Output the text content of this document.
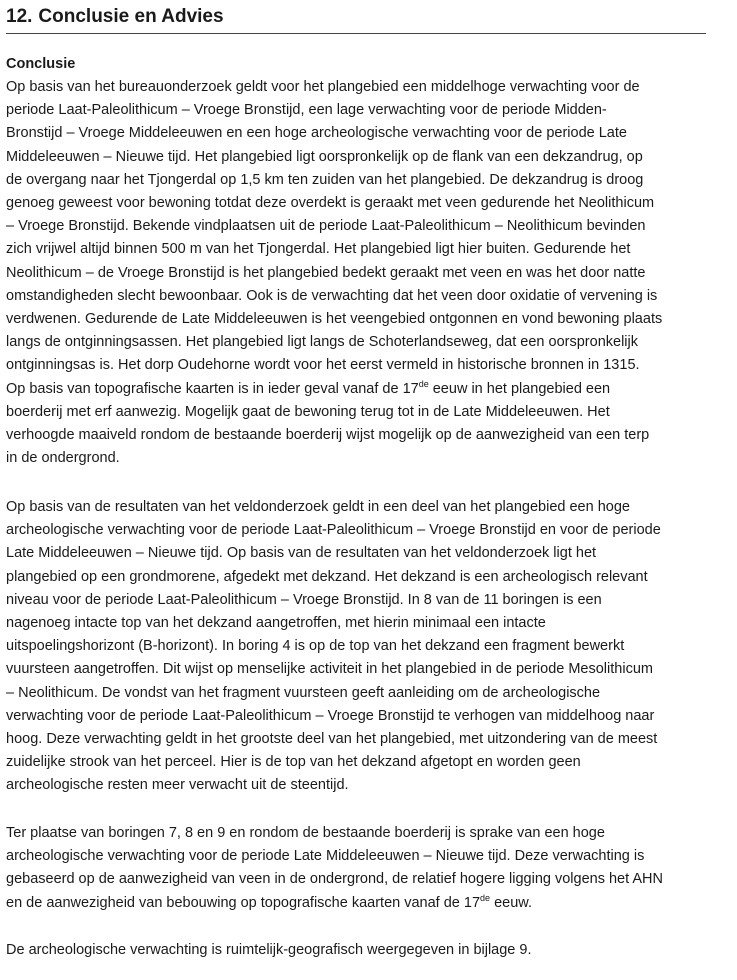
12. Conclusie en Advies
Conclusie
Op basis van het bureauonderzoek geldt voor het plangebied een middelhoge verwachting voor de
periode Laat-Paleolithicum – Vroege Bronstijd, een lage verwachting voor de periode Midden-
Bronstijd – Vroege Middeleeuwen en een hoge archeologische verwachting voor de periode Late
Middeleeuwen – Nieuwe tijd. Het plangebied ligt oorspronkelijk op de flank van een dekzandrug, op
de overgang naar het Tjongerdal op 1,5 km ten zuiden van het plangebied. De dekzandrug is droog
genoeg geweest voor bewoning totdat deze overdekt is geraakt met veen gedurende het Neolithicum
– Vroege Bronstijd. Bekende vindplaatsen uit de periode Laat-Paleolithicum – Neolithicum bevinden
zich vrijwel altijd binnen 500 m van het Tjongerdal. Het plangebied ligt hier buiten. Gedurende het
Neolithicum – de Vroege Bronstijd is het plangebied bedekt geraakt met veen en was het door natte
omstandigheden slecht bewoonbaar. Ook is de verwachting dat het veen door oxidatie of vervening is
verdwenen. Gedurende de Late Middeleeuwen is het veengebied ontgonnen en vond bewoning plaats
langs de ontginningsassen. Het plangebied ligt langs de Schoterlandseweg, dat een oorspronkelijk
ontginningsas is. Het dorp Oudehorne wordt voor het eerst vermeld in historische bronnen in 1315.
Op basis van topografische kaarten is in ieder geval vanaf de 17de eeuw in het plangebied een
boerderij met erf aanwezig. Mogelijk gaat de bewoning terug tot in de Late Middeleeuwen. Het
verhoogde maaiveld rondom de bestaande boerderij wijst mogelijk op de aanwezigheid van een terp
in de ondergrond.
Op basis van de resultaten van het veldonderzoek geldt in een deel van het plangebied een hoge
archeologische verwachting voor de periode Laat-Paleolithicum – Vroege Bronstijd en voor de periode
Late Middeleeuwen – Nieuwe tijd. Op basis van de resultaten van het veldonderzoek ligt het
plangebied op een grondmorene, afgedekt met dekzand. Het dekzand is een archeologisch relevant
niveau voor de periode Laat-Paleolithicum – Vroege Bronstijd. In 8 van de 11 boringen is een
nagenoeg intacte top van het dekzand aangetroffen, met hierin minimaal een intacte
uitspoelingshorizont (B-horizont). In boring 4 is op de top van het dekzand een fragment bewerkt
vuursteen aangetroffen. Dit wijst op menselijke activiteit in het plangebied in de periode Mesolithicum
– Neolithicum. De vondst van het fragment vuursteen geeft aanleiding om de archeologische
verwachting voor de periode Laat-Paleolithicum – Vroege Bronstijd te verhogen van middelhoog naar
hoog. Deze verwachting geldt in het grootste deel van het plangebied, met uitzondering van de meest
zuidelijke strook van het perceel. Hier is de top van het dekzand afgetopt en worden geen
archeologische resten meer verwacht uit de steentijd.
Ter plaatse van boringen 7, 8 en 9 en rondom de bestaande boerderij is sprake van een hoge
archeologische verwachting voor de periode Late Middeleeuwen – Nieuwe tijd. Deze verwachting is
gebaseerd op de aanwezigheid van veen in de ondergrond, de relatief hogere ligging volgens het AHN
en de aanwezigheid van bebouwing op topografische kaarten vanaf de 17de eeuw.
De archeologische verwachting is ruimtelijk-geografisch weergegeven in bijlage 9.
